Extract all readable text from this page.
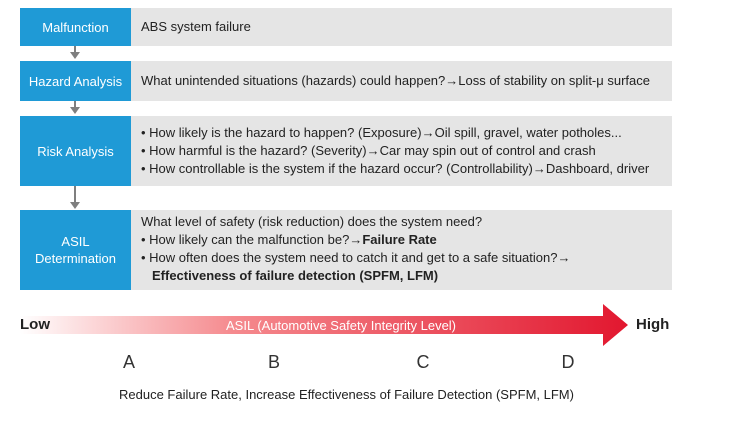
Malfunction ABS system failure
Hazard Analysis What unintended situations (hazards) could happen?→Loss of stability on split-μ surface
Risk Analysis
• How likely is the hazard to happen? (Exposure)→Oil spill, gravel, water potholes...
• How harmful is the hazard? (Severity)→Car may spin out of control and crash
• How controllable is the system if the hazard occur? (Controllability)→Dashboard, driver
ASIL
Determination
What level of safety (risk reduction) does the system need?
• How likely can the malfunction be?→Failure Rate
• How often does the system need to catch it and get to a safe situation?→
Effectiveness of failure detection (SPFM, LFM)
Low	High
ASIL (Automotive Safety Integrity Level)
A	B	C	D
Reduce Failure Rate, Increase Effectiveness of Failure Detection (SPFM, LFM)
